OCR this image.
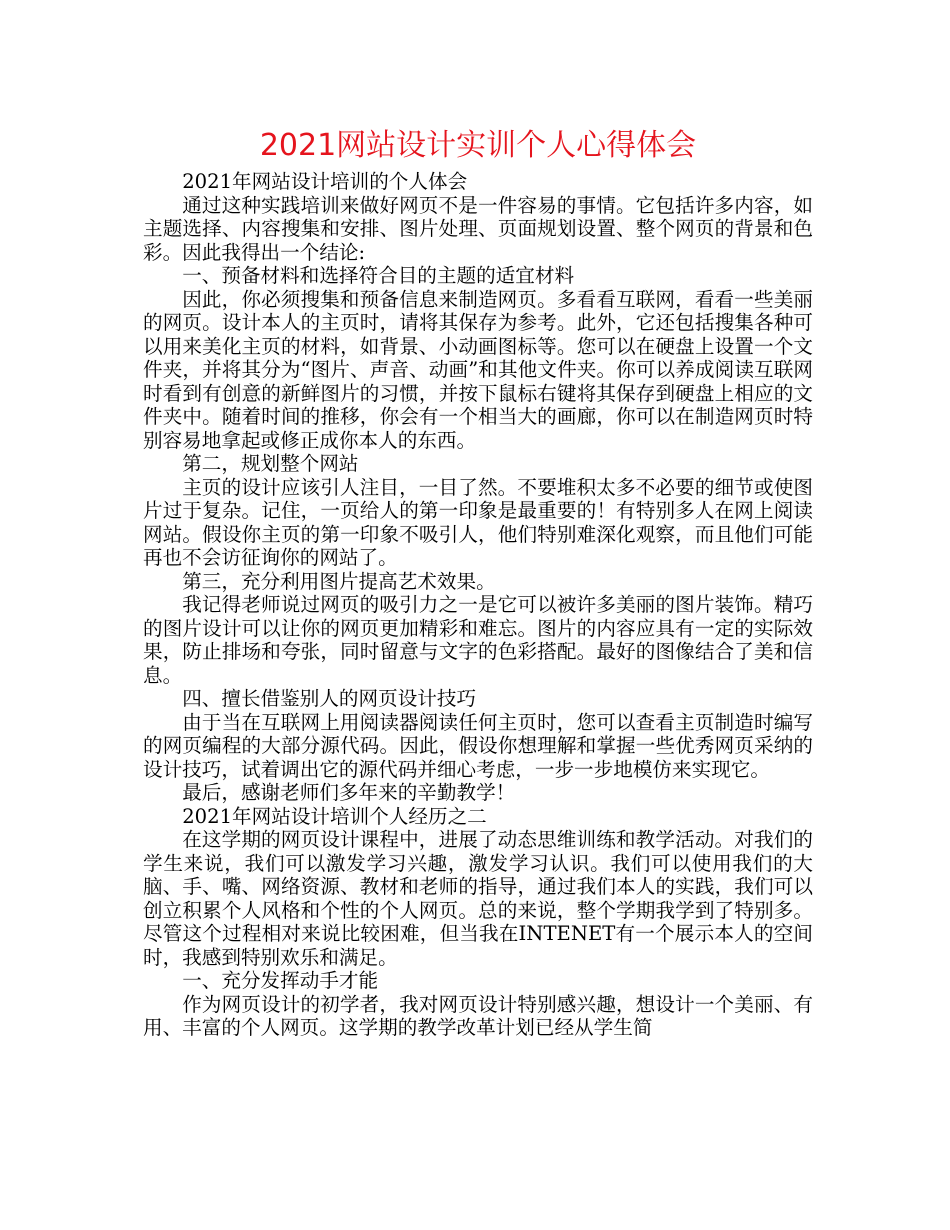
2021网站设计实训个人心得体会

2021年网站设计培训的个人体会

通过这种实践培训来做好网页不是一件容易的事情。它包括许多内容，如主题选择、内容搜集和安排、图片处理、页面规划设置、整个网页的背景和色彩。因此我得出一个结论:

一、预备材料和选择符合目的主题的适宜材料

因此，你必须搜集和预备信息来制造网页。多看看互联网，看看一些美丽的网页。设计本人的主页时，请将其保存为参考。此外，它还包括搜集各种可以用来美化主页的材料，如背景、小动画图标等。您可以在硬盘上设置一个文件夹，并将其分为“图片、声音、动画”和其他文件夹。你可以养成阅读互联网时看到有创意的新鲜图片的习惯，并按下鼠标右键将其保存到硬盘上相应的文件夹中。随着时间的推移，你会有一个相当大的画廊，你可以在制造网页时特别容易地拿起或修正成你本人的东西。

第二，规划整个网站

主页的设计应该引人注目，一目了然。不要堆积太多不必要的细节或使图片过于复杂。记住，一页给人的第一印象是最重要的！有特别多人在网上阅读网站。假设你主页的第一印象不吸引人，他们特别难深化观察，而且他们可能再也不会访征询你的网站了。

第三，充分利用图片提高艺术效果。

我记得老师说过网页的吸引力之一是它可以被许多美丽的图片装饰。精巧的图片设计可以让你的网页更加精彩和难忘。图片的内容应具有一定的实际效果，防止排场和夸张，同时留意与文字的色彩搭配。最好的图像结合了美和信息。

四、擅长借鉴别人的网页设计技巧

由于当在互联网上用阅读器阅读任何主页时，您可以查看主页制造时编写的网页编程的大部分源代码。因此，假设你想理解和掌握一些优秀网页采纳的设计技巧，试着调出它的源代码并细心考虑，一步一步地模仿来实现它。

最后，感谢老师们多年来的辛勤教学！

2021年网站设计培训个人经历之二

在这学期的网页设计课程中，进展了动态思维训练和教学活动。对我们的学生来说，我们可以激发学习兴趣，激发学习认识。我们可以使用我们的大脑、手、嘴、网络资源、教材和老师的指导，通过我们本人的实践，我们可以创立积累个人风格和个性的个人网页。总的来说，整个学期我学到了特别多。尽管这个过程相对来说比较困难，但当我在INTENET有一个展示本人的空间时，我感到特别欢乐和满足。

一、充分发挥动手才能

作为网页设计的初学者，我对网页设计特别感兴趣，想设计一个美丽、有用、丰富的个人网页。这学期的教学改革计划已经从学生简
